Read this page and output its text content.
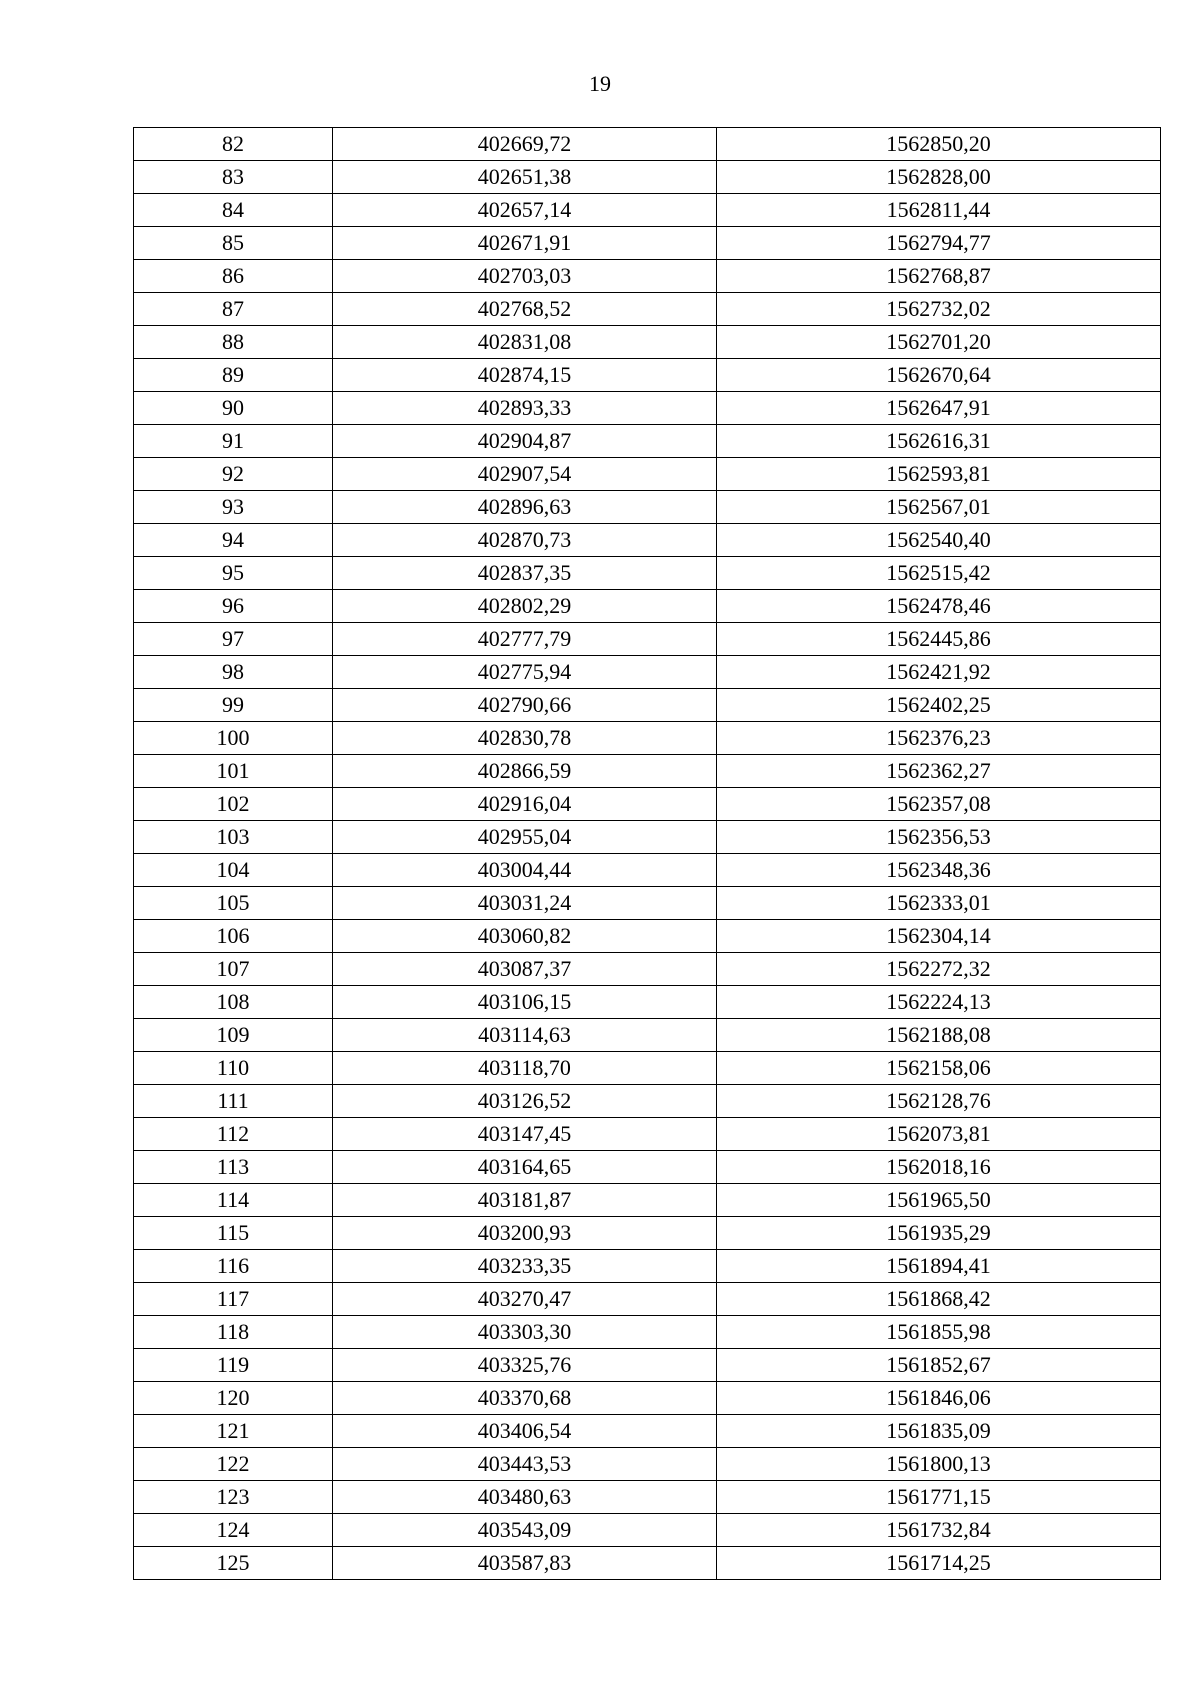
19
82	402669,72	1562850,20
83	402651,38	1562828,00
84	402657,14	1562811,44
85	402671,91	1562794,77
86	402703,03	1562768,87
87	402768,52	1562732,02
88	402831,08	1562701,20
89	402874,15	1562670,64
90	402893,33	1562647,91
91	402904,87	1562616,31
92	402907,54	1562593,81
93	402896,63	1562567,01
94	402870,73	1562540,40
95	402837,35	1562515,42
96	402802,29	1562478,46
97	402777,79	1562445,86
98	402775,94	1562421,92
99	402790,66	1562402,25
100	402830,78	1562376,23
101	402866,59	1562362,27
102	402916,04	1562357,08
103	402955,04	1562356,53
104	403004,44	1562348,36
105	403031,24	1562333,01
106	403060,82	1562304,14
107	403087,37	1562272,32
108	403106,15	1562224,13
109	403114,63	1562188,08
110	403118,70	1562158,06
111	403126,52	1562128,76
112	403147,45	1562073,81
113	403164,65	1562018,16
114	403181,87	1561965,50
115	403200,93	1561935,29
116	403233,35	1561894,41
117	403270,47	1561868,42
118	403303,30	1561855,98
119	403325,76	1561852,67
120	403370,68	1561846,06
121	403406,54	1561835,09
122	403443,53	1561800,13
123	403480,63	1561771,15
124	403543,09	1561732,84
125	403587,83	1561714,25
